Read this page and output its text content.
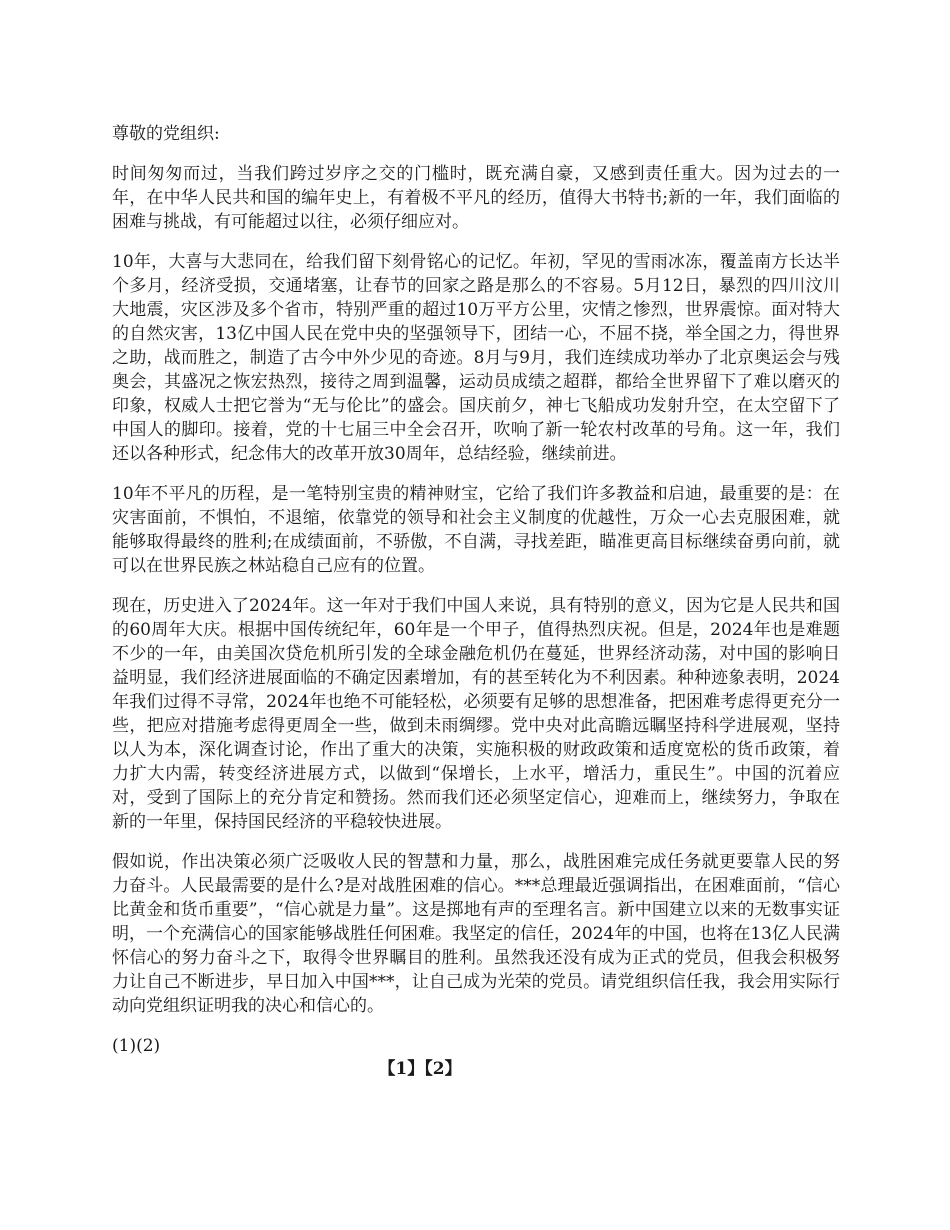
尊敬的党组织:
时间匆匆而过，当我们跨过岁序之交的门槛时，既充满自豪，又感到责任重大。因为过去的一年，在中华人民共和国的编年史上，有着极不平凡的经历，值得大书特书;新的一年，我们面临的困难与挑战，有可能超过以往，必须仔细应对。
10年，大喜与大悲同在，给我们留下刻骨铭心的记忆。年初，罕见的雪雨冰冻，覆盖南方长达半个多月，经济受损，交通堵塞，让春节的回家之路是那么的不容易。5月12日，暴烈的四川汶川大地震，灾区涉及多个省市，特别严重的超过10万平方公里，灾情之惨烈，世界震惊。面对特大的自然灾害，13亿中国人民在党中央的坚强领导下，团结一心，不屈不挠，举全国之力，得世界之助，战而胜之，制造了古今中外少见的奇迹。8月与9月，我们连续成功举办了北京奥运会与残奥会，其盛况之恢宏热烈，接待之周到温馨，运动员成绩之超群，都给全世界留下了难以磨灭的印象，权威人士把它誉为“无与伦比”的盛会。国庆前夕，神七飞船成功发射升空，在太空留下了中国人的脚印。接着，党的十七届三中全会召开，吹响了新一轮农村改革的号角。这一年，我们还以各种形式，纪念伟大的改革开放30周年，总结经验，继续前进。
10年不平凡的历程，是一笔特别宝贵的精神财宝，它给了我们许多教益和启迪，最重要的是：在灾害面前，不惧怕，不退缩，依靠党的领导和社会主义制度的优越性，万众一心去克服困难，就能够取得最终的胜利;在成绩面前，不骄傲，不自满，寻找差距，瞄准更高目标继续奋勇向前，就可以在世界民族之林站稳自己应有的位置。
现在，历史进入了2024年。这一年对于我们中国人来说，具有特别的意义，因为它是人民共和国的60周年大庆。根据中国传统纪年，60年是一个甲子，值得热烈庆祝。但是，2024年也是难题不少的一年，由美国次贷危机所引发的全球金融危机仍在蔓延，世界经济动荡，对中国的影响日益明显，我们经济进展面临的不确定因素增加，有的甚至转化为不利因素。种种迹象表明，2024年我们过得不寻常，2024年也绝不可能轻松，必须要有足够的思想准备，把困难考虑得更充分一些，把应对措施考虑得更周全一些，做到未雨绸缪。党中央对此高瞻远瞩坚持科学进展观，坚持以人为本，深化调查讨论，作出了重大的决策，实施积极的财政政策和适度宽松的货币政策，着力扩大内需，转变经济进展方式，以做到“保增长，上水平，增活力，重民生”。中国的沉着应对，受到了国际上的充分肯定和赞扬。然而我们还必须坚定信心，迎难而上，继续努力，争取在新的一年里，保持国民经济的平稳较快进展。
假如说，作出决策必须广泛吸收人民的智慧和力量，那么，战胜困难完成任务就更要靠人民的努力奋斗。人民最需要的是什么?是对战胜困难的信心。***总理最近强调指出，在困难面前，“信心比黄金和货币重要”，“信心就是力量”。这是掷地有声的至理名言。新中国建立以来的无数事实证明，一个充满信心的国家能够战胜任何困难。我坚定的信任，2024年的中国，也将在13亿人民满怀信心的努力奋斗之下，取得令世界瞩目的胜利。虽然我还没有成为正式的党员，但我会积极努力让自己不断进步，早日加入中国***，让自己成为光荣的党员。请党组织信任我，我会用实际行动向党组织证明我的决心和信心的。
(1)(2)
【1】【2】
